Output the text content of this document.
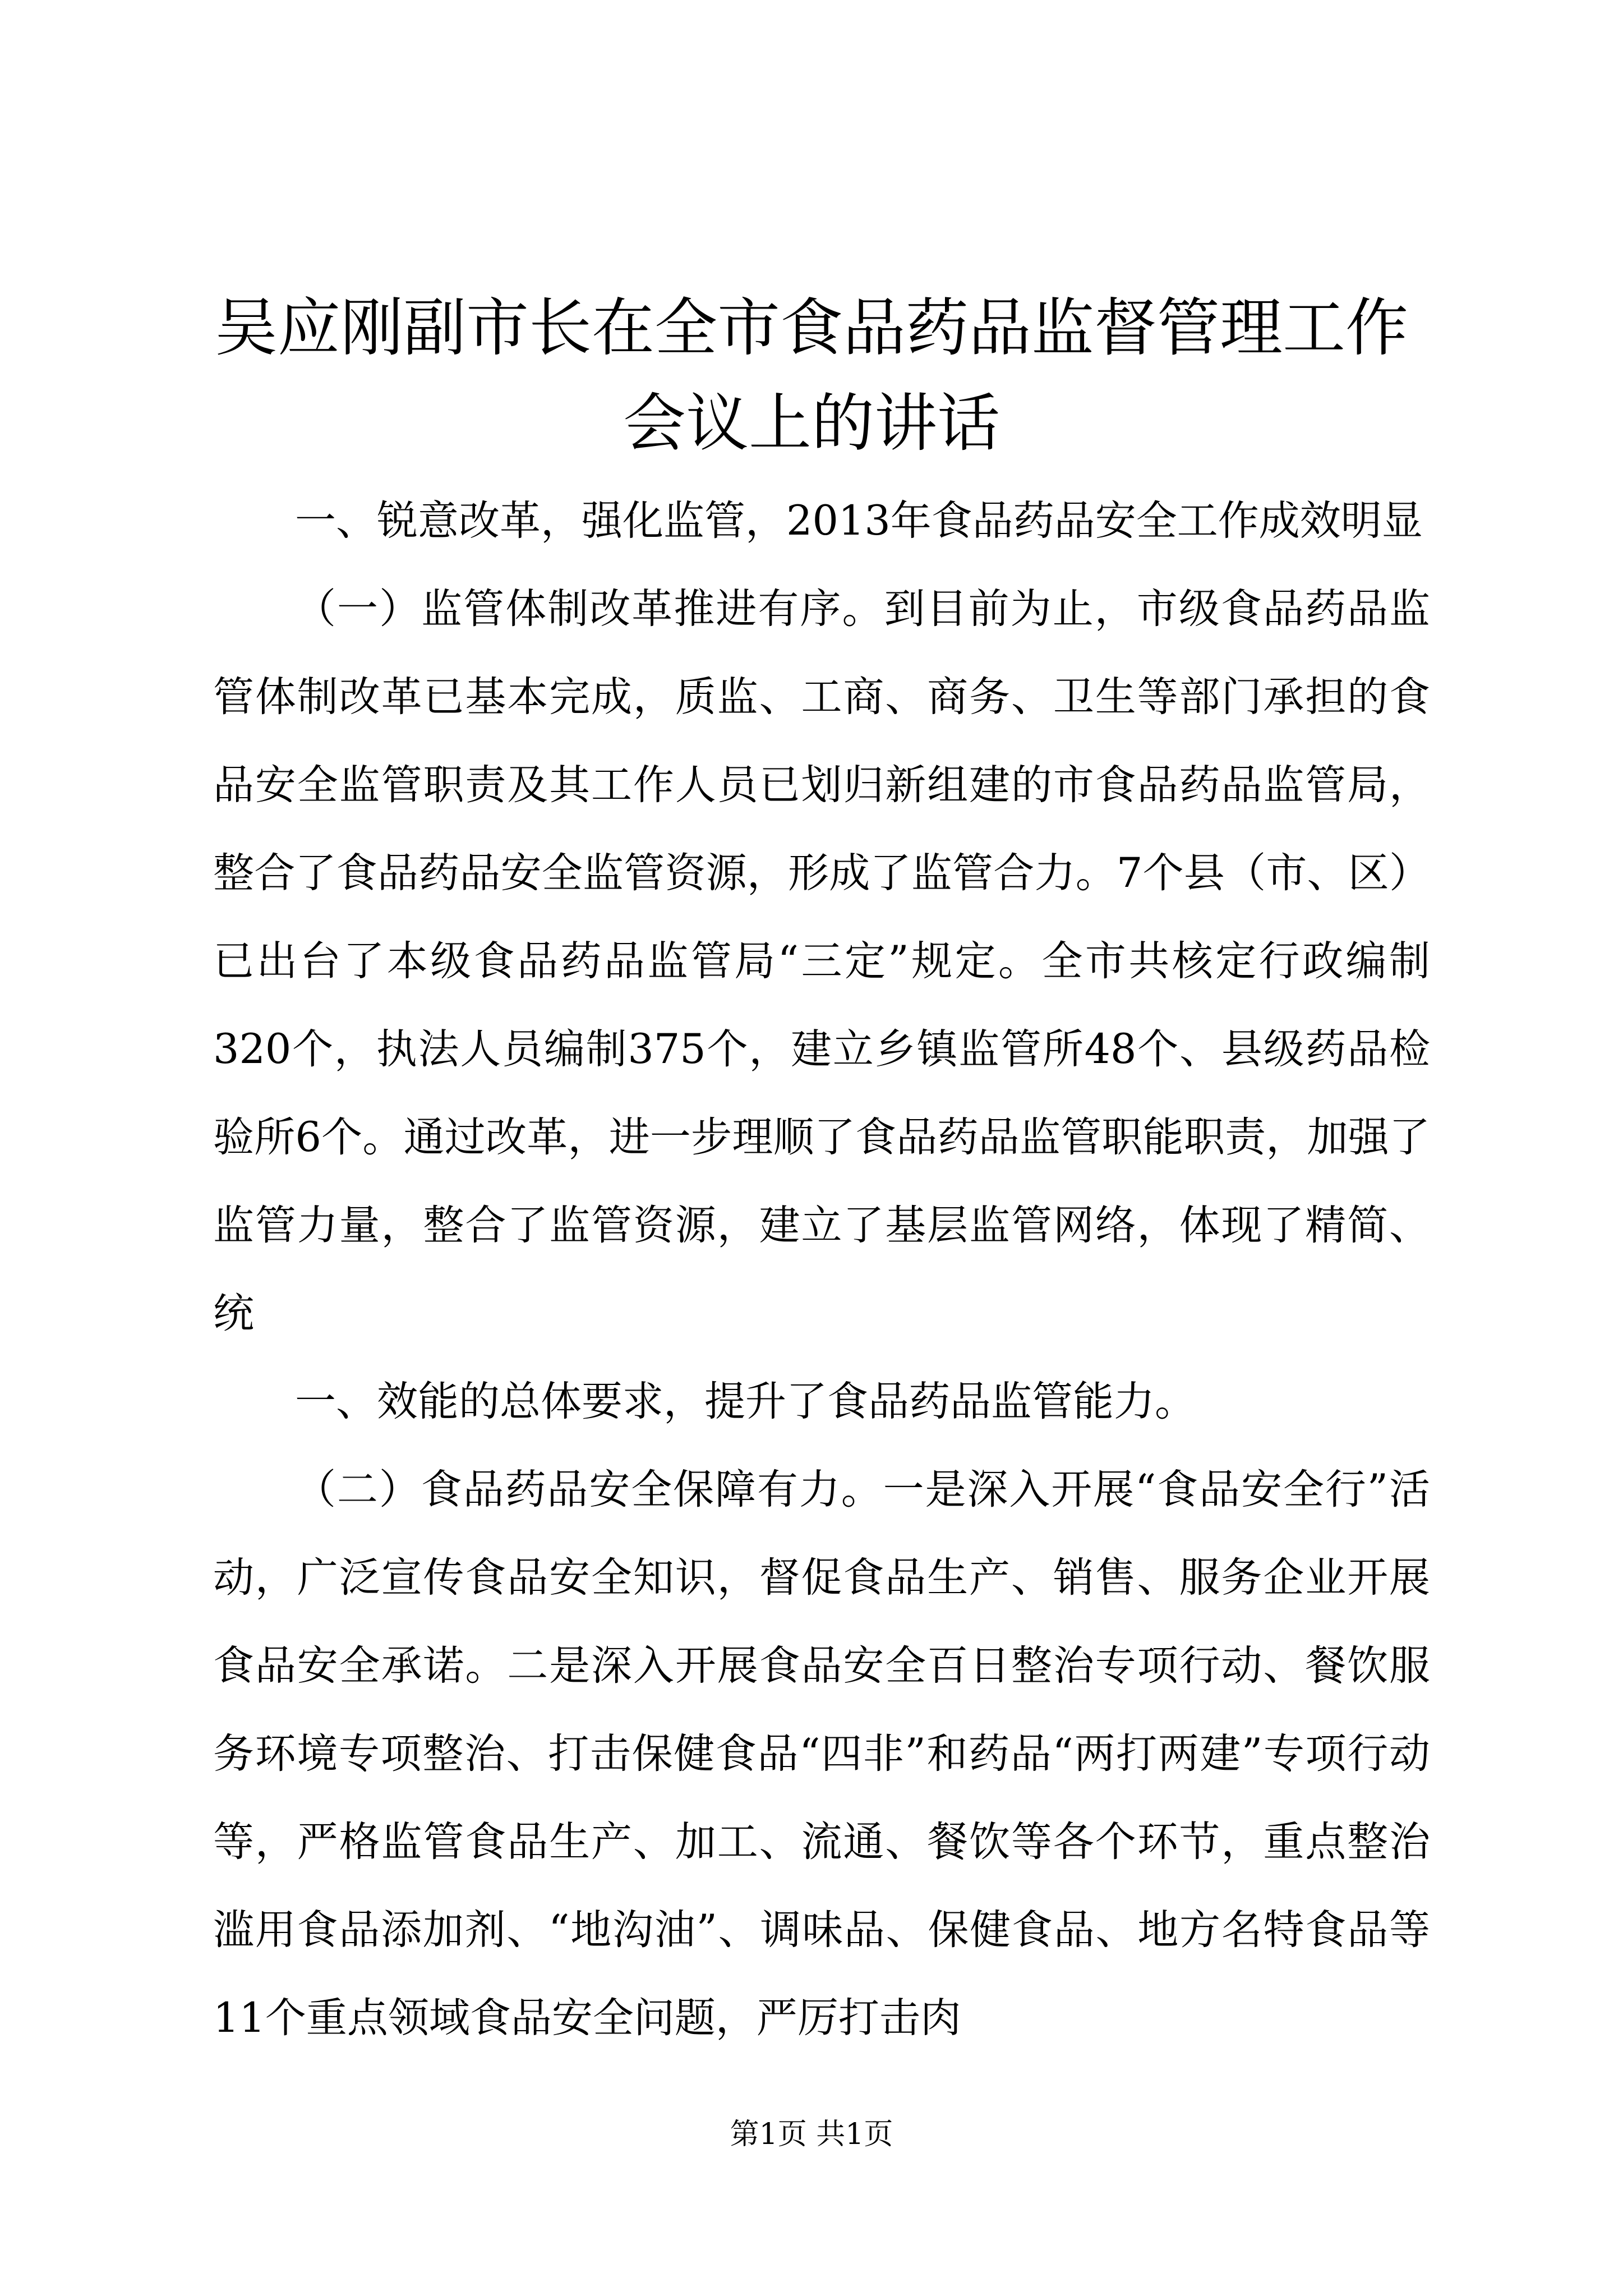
吴应刚副市长在全市食品药品监督管理工作会议上的讲话

一、锐意改革，强化监管，2013年食品药品安全工作成效明显

（一）监管体制改革推进有序。到目前为止，市级食品药品监管体制改革已基本完成，质监、工商、商务、卫生等部门承担的食品安全监管职责及其工作人员已划归新组建的市食品药品监管局，整合了食品药品安全监管资源，形成了监管合力。7个县（市、区）已出台了本级食品药品监管局“三定”规定。全市共核定行政编制320个，执法人员编制375个，建立乡镇监管所48个、县级药品检验所6个。通过改革，进一步理顺了食品药品监管职能职责，加强了监管力量，整合了监管资源，建立了基层监管网络，体现了精简、统

一、效能的总体要求，提升了食品药品监管能力。

（二）食品药品安全保障有力。一是深入开展“食品安全行”活动，广泛宣传食品安全知识，督促食品生产、销售、服务企业开展食品安全承诺。二是深入开展食品安全百日整治专项行动、餐饮服务环境专项整治、打击保健食品“四非”和药品“两打两建”专项行动等，严格监管食品生产、加工、流通、餐饮等各个环节，重点整治滥用食品添加剂、“地沟油”、调味品、保健食品、地方名特食品等11个重点领域食品安全问题，严厉打击肉

第1页 共1页
